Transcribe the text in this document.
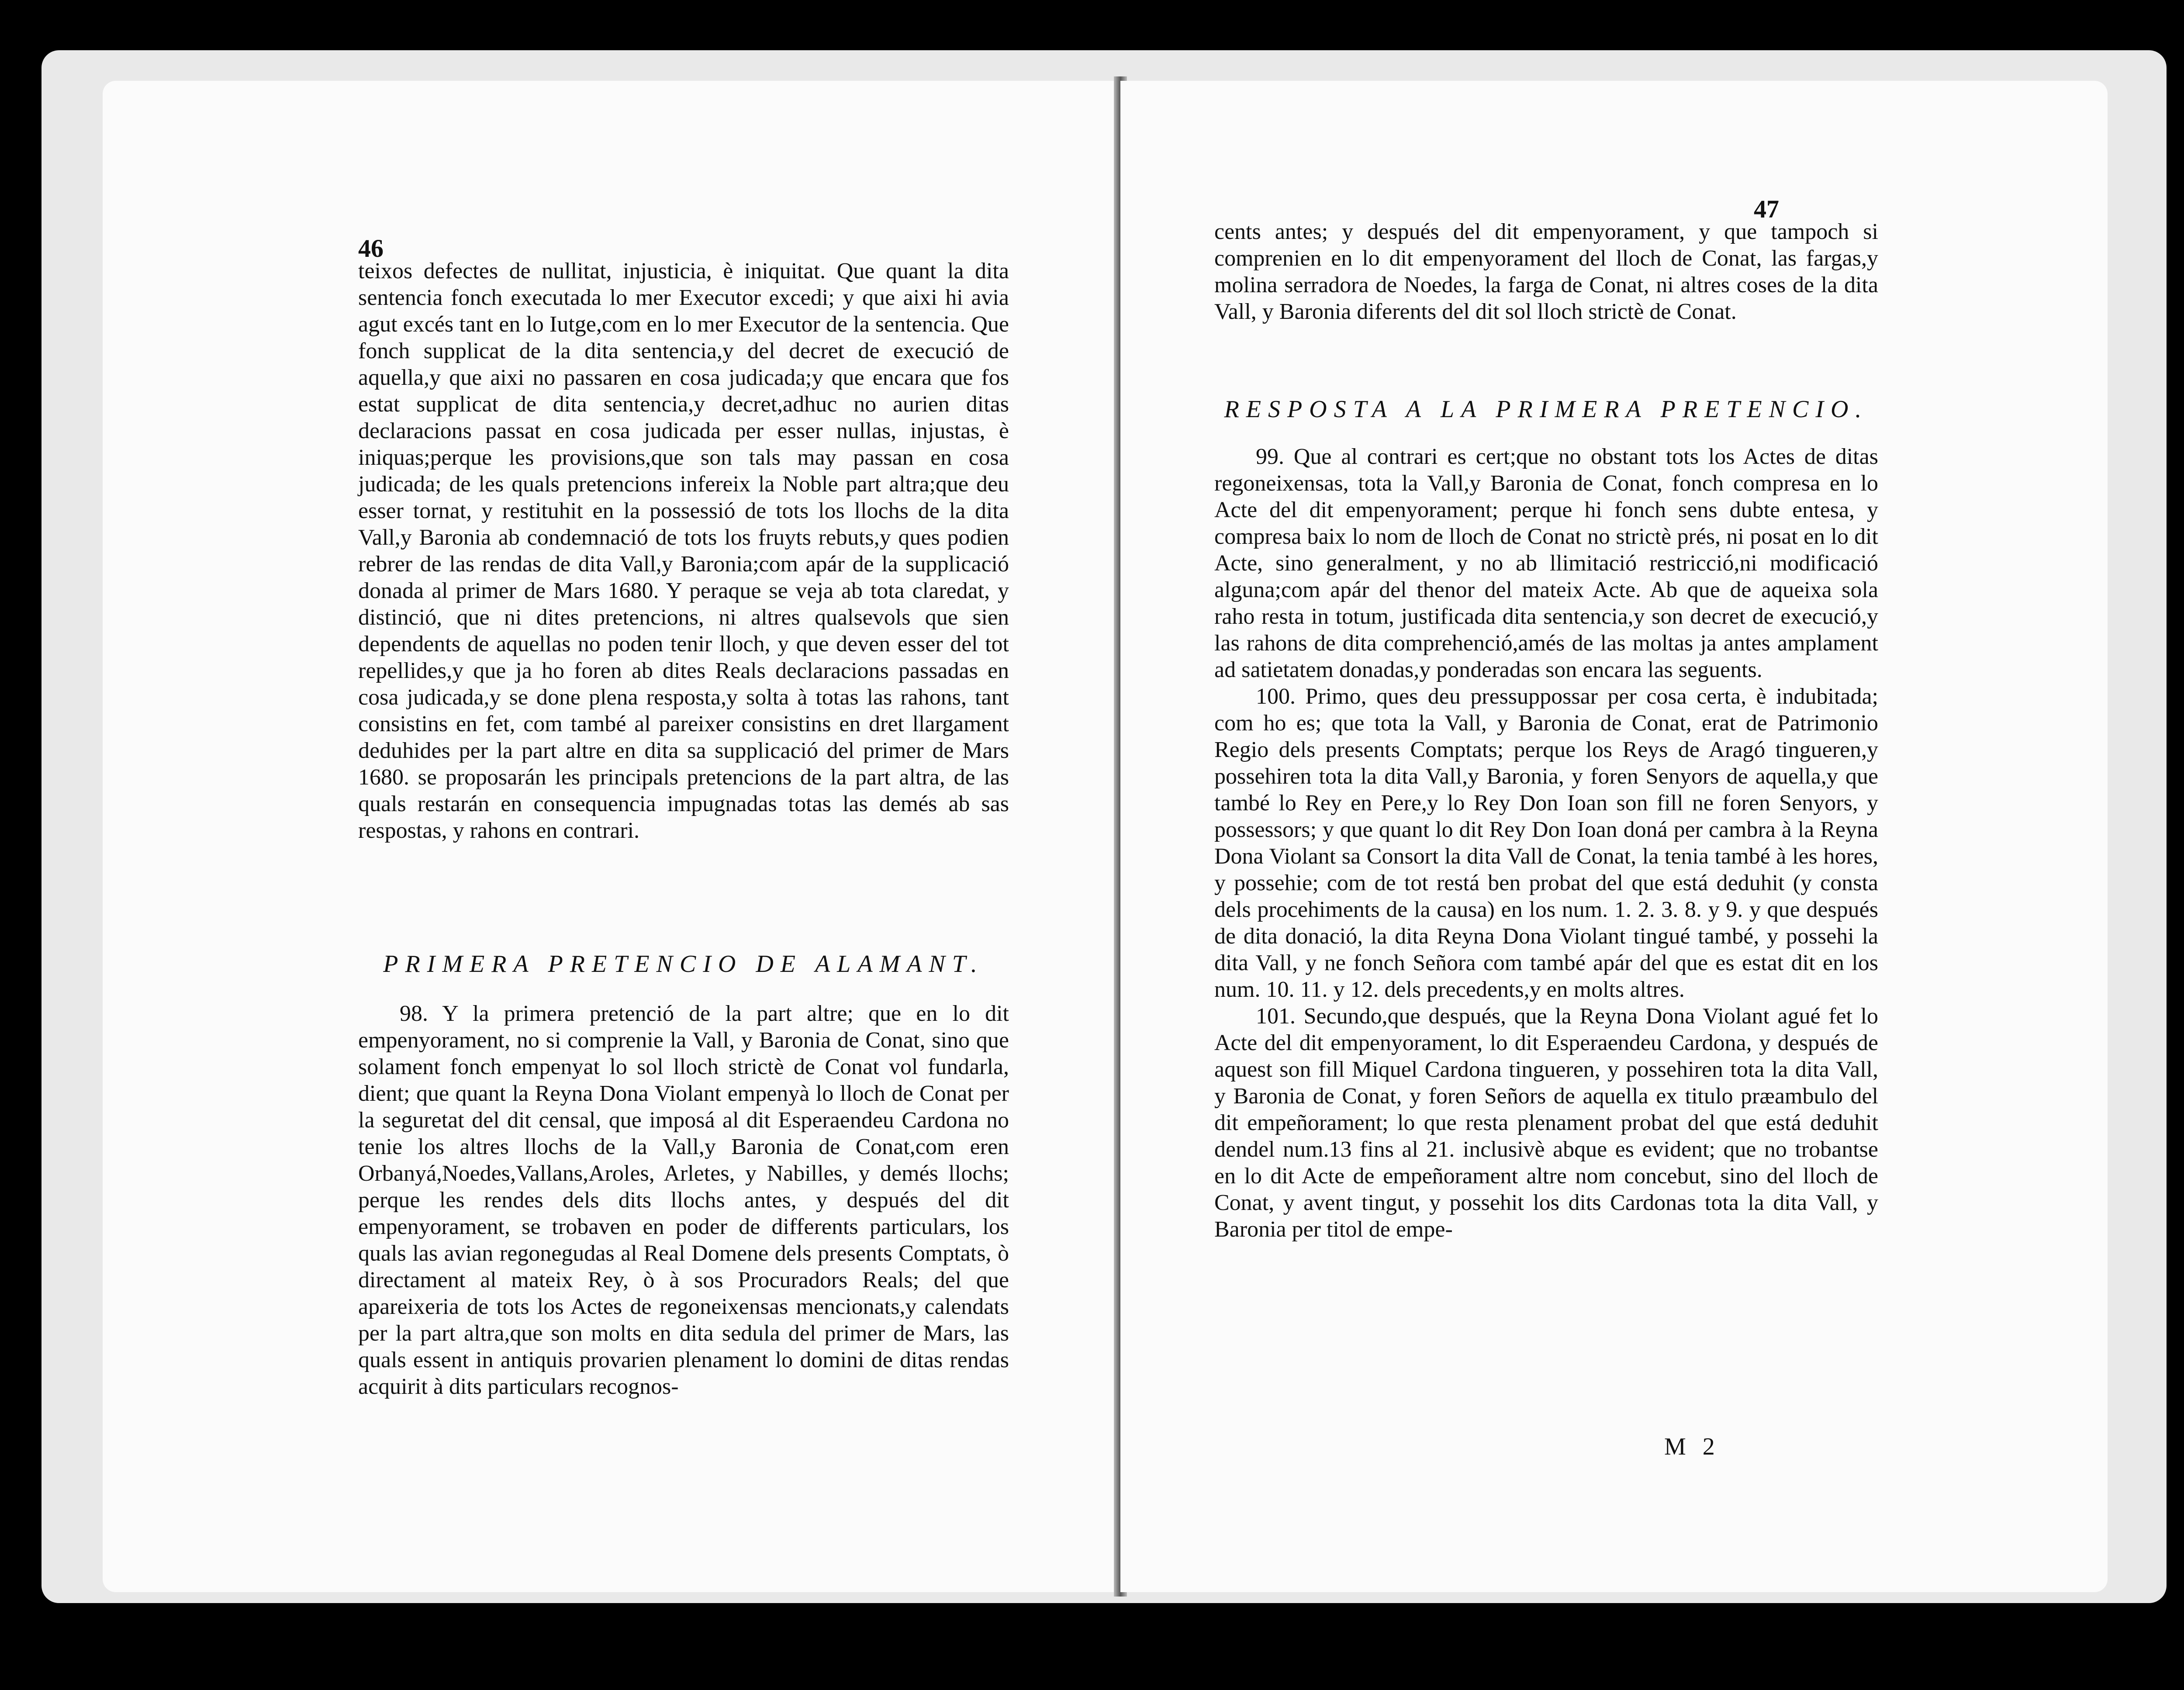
46

teixos defectes de nullitat, injusticia, è iniquitat. Que quant la dita sentencia fonch executada lo mer Executor excedi; y que aixi hi avia agut excés tant en lo Iutge,com en lo mer Executor de la sentencia. Que fonch supplicat de la dita sentencia,y del decret de execució de aquella,y que aixi no passaren en cosa judicada;y que encara que fos estat supplicat de dita sentencia,y decret,adhuc no aurien ditas declaracions passat en cosa judicada per esser nullas, injustas, è iniquas;perque les provisions,que son tals may passan en cosa judicada; de les quals pretencions infereix la Noble part altra;que deu esser tornat, y restituhit en la possessió de tots los llochs de la dita Vall,y Baronia ab condemnació de tots los fruyts rebuts,y ques podien rebrer de las rendas de dita Vall,y Baronia;com apár de la supplicació donada al primer de Mars 1680. Y peraque se veja ab tota claredat, y distinció, que ni dites pretencions, ni altres qualsevols que sien dependents de aquellas no poden tenir lloch, y que deven esser del tot repellides,y que ja ho foren ab dites Reals declaracions passadas en cosa judicada,y se done plena resposta,y solta à totas las rahons, tant consistins en fet, com també al pareixer consistins en dret llargament deduhides per la part altre en dita sa supplicació del primer de Mars 1680. se proposarán les principals pretencions de la part altra, de las quals restarán en consequencia impugnadas totas las demés ab sas respostas, y rahons en contrari.

PRIMERA PRETENCIO DE ALAMANT.

98. Y la primera pretenció de la part altre; que en lo dit empenyorament, no si comprenie la Vall, y Baronia de Conat, sino que solament fonch empenyat lo sol lloch strictè de Conat vol fundarla, dient; que quant la Reyna Dona Violant empenyà lo lloch de Conat per la seguretat del dit censal, que imposá al dit Esperaendeu Cardona no tenie los altres llochs de la Vall,y Baronia de Conat,com eren Orbanyá,Noedes,Vallans,Aroles, Arletes, y Nabilles, y demés llochs; perque les rendes dels dits llochs antes, y después del dit empenyorament, se trobaven en poder de differents particulars, los quals las avian regonegudas al Real Domene dels presents Comptats, ò directament al mateix Rey, ò à sos Procuradors Reals; del que apareixeria de tots los Actes de regoneixensas mencionats,y calendats per la part altra,que son molts en dita sedula del primer de Mars, las quals essent in antiquis provarien plenament lo domini de ditas rendas acquirit à dits particulars recognos-

47

cents antes; y después del dit empenyorament, y que tampoch si comprenien en lo dit empenyorament del lloch de Conat, las fargas,y molina serradora de Noedes, la farga de Conat, ni altres coses de la dita Vall, y Baronia diferents del dit sol lloch strictè de Conat.

RESPOSTA A LA PRIMERA PRETENCIO.

99. Que al contrari es cert;que no obstant tots los Actes de ditas regoneixensas, tota la Vall,y Baronia de Conat, fonch compresa en lo Acte del dit empenyorament; perque hi fonch sens dubte entesa, y compresa baix lo nom de lloch de Conat no strictè prés, ni posat en lo dit Acte, sino generalment, y no ab llimitació restricció,ni modificació alguna;com apár del thenor del mateix Acte. Ab que de aqueixa sola raho resta in totum, justificada dita sentencia,y son decret de execució,y las rahons de dita comprehenció,amés de las moltas ja antes amplament ad satietatem donadas,y ponderadas son encara las seguents.

100. Primo, ques deu pressuppossar per cosa certa, è indubitada; com ho es; que tota la Vall, y Baronia de Conat, erat de Patrimonio Regio dels presents Comptats; perque los Reys de Aragó tingueren,y possehiren tota la dita Vall,y Baronia, y foren Senyors de aquella,y que també lo Rey en Pere,y lo Rey Don Ioan son fill ne foren Senyors, y possessors; y que quant lo dit Rey Don Ioan doná per cambra à la Reyna Dona Violant sa Consort la dita Vall de Conat, la tenia també à les hores, y possehie; com de tot restá ben probat del que está deduhit (y consta dels procehiments de la causa) en los num. 1. 2. 3. 8. y 9. y que después de dita donació, la dita Reyna Dona Violant tingué també, y possehi la dita Vall, y ne fonch Señora com també apár del que es estat dit en los num. 10. 11. y 12. dels precedents,y en molts altres.

101. Secundo,que después, que la Reyna Dona Violant agué fet lo Acte del dit empenyorament, lo dit Esperaendeu Cardona, y después de aquest son fill Miquel Cardona tingueren, y possehiren tota la dita Vall, y Baronia de Conat, y foren Señors de aquella ex titulo præambulo del dit empeñorament; lo que resta plenament probat del que está deduhit dendel num.13 fins al 21. inclusivè abque es evident; que no trobantse en lo dit Acte de empeñorament altre nom concebut, sino del lloch de Conat, y avent tingut, y possehit los dits Cardonas tota la dita Vall, y Baronia per titol de empe-

M 2
